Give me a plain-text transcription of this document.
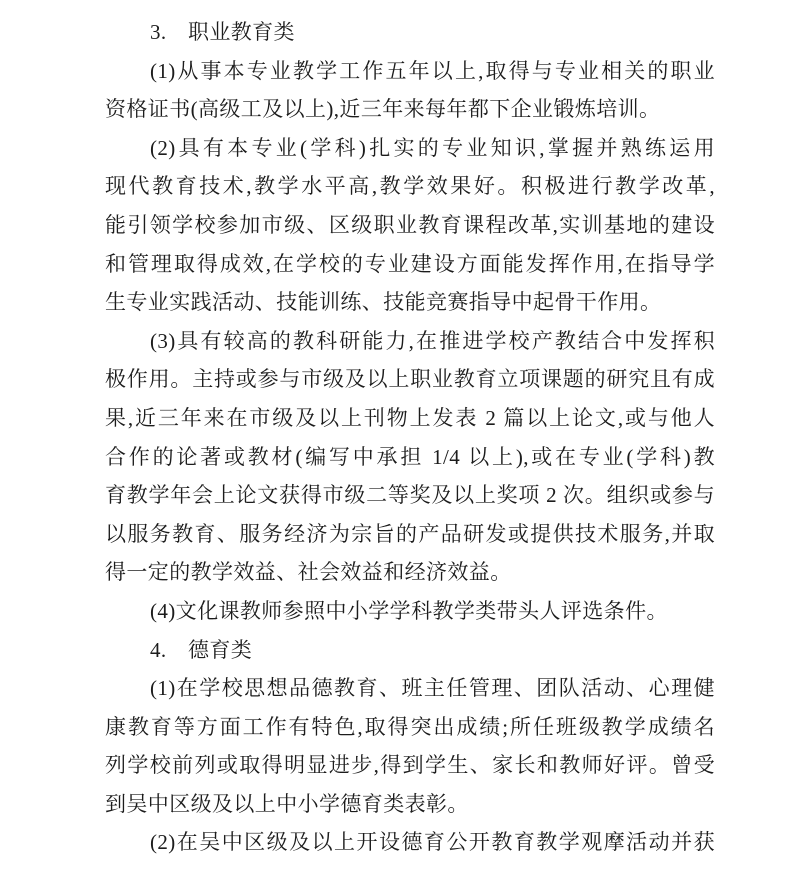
3.　职业教育类
(1)从事本专业教学工作五年以上,取得与专业相关的职业
资格证书(高级工及以上),近三年来每年都下企业锻炼培训。
(2)具有本专业(学科)扎实的专业知识,掌握并熟练运用
现代教育技术,教学水平高,教学效果好。积极进行教学改革,
能引领学校参加市级、区级职业教育课程改革,实训基地的建设
和管理取得成效,在学校的专业建设方面能发挥作用,在指导学
生专业实践活动、技能训练、技能竞赛指导中起骨干作用。
(3)具有较高的教科研能力,在推进学校产教结合中发挥积
极作用。主持或参与市级及以上职业教育立项课题的研究且有成
果,近三年来在市级及以上刊物上发表 2 篇以上论文,或与他人
合作的论著或教材(编写中承担 1/4 以上),或在专业(学科)教
育教学年会上论文获得市级二等奖及以上奖项 2 次。组织或参与
以服务教育、服务经济为宗旨的产品研发或提供技术服务,并取
得一定的教学效益、社会效益和经济效益。
(4)文化课教师参照中小学学科教学类带头人评选条件。
4.　德育类
(1)在学校思想品德教育、班主任管理、团队活动、心理健
康教育等方面工作有特色,取得突出成绩;所任班级教学成绩名
列学校前列或取得明显进步,得到学生、家长和教师好评。曾受
到吴中区级及以上中小学德育类表彰。
(2)在吴中区级及以上开设德育公开教育教学观摩活动并获
